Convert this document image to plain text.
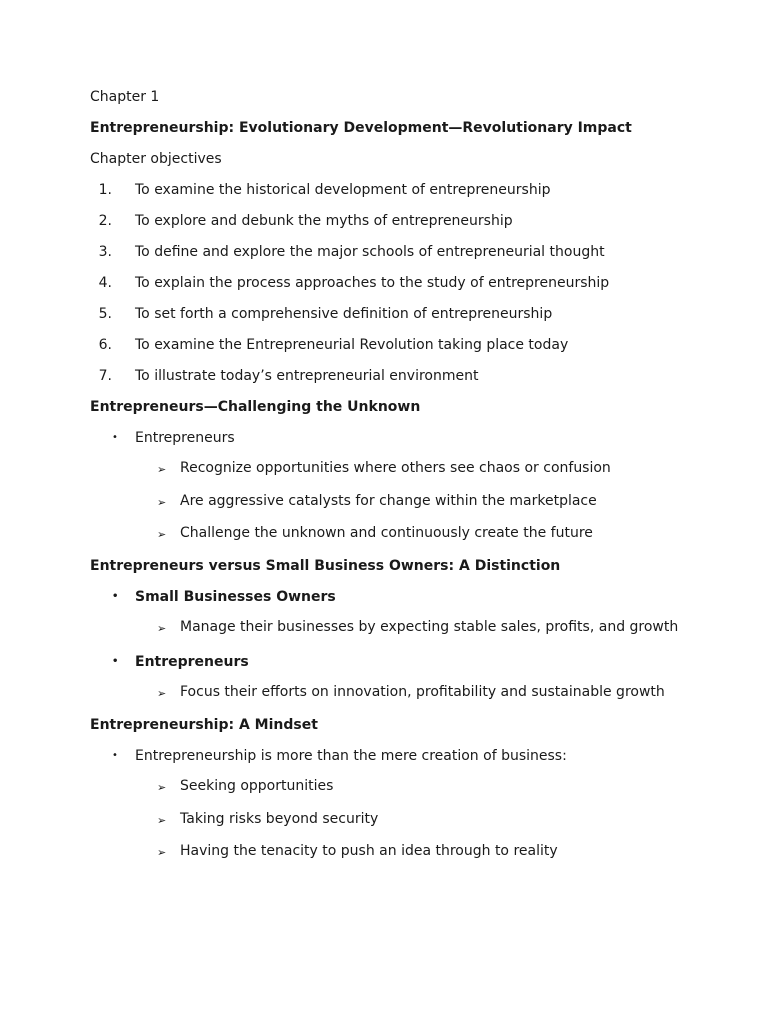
Chapter 1
Entrepreneurship: Evolutionary Development—Revolutionary Impact
Chapter objectives
1. To examine the historical development of entrepreneurship
2. To explore and debunk the myths of entrepreneurship
3. To define and explore the major schools of entrepreneurial thought
4. To explain the process approaches to the study of entrepreneurship
5. To set forth a comprehensive definition of entrepreneurship
6. To examine the Entrepreneurial Revolution taking place today
7. To illustrate today’s entrepreneurial environment
Entrepreneurs—Challenging the Unknown
•	Entrepreneurs
➢ Recognize opportunities where others see chaos or confusion
➢ Are aggressive catalysts for change within the marketplace
➢ Challenge the unknown and continuously create the future
Entrepreneurs versus Small Business Owners: A Distinction
•	Small Businesses Owners
➢ Manage their businesses by expecting stable sales, profits, and growth
•	Entrepreneurs
➢ Focus their efforts on innovation, profitability and sustainable growth
Entrepreneurship: A Mindset
•	Entrepreneurship is more than the mere creation of business:
➢ Seeking opportunities
➢ Taking risks beyond security
➢ Having the tenacity to push an idea through to reality
